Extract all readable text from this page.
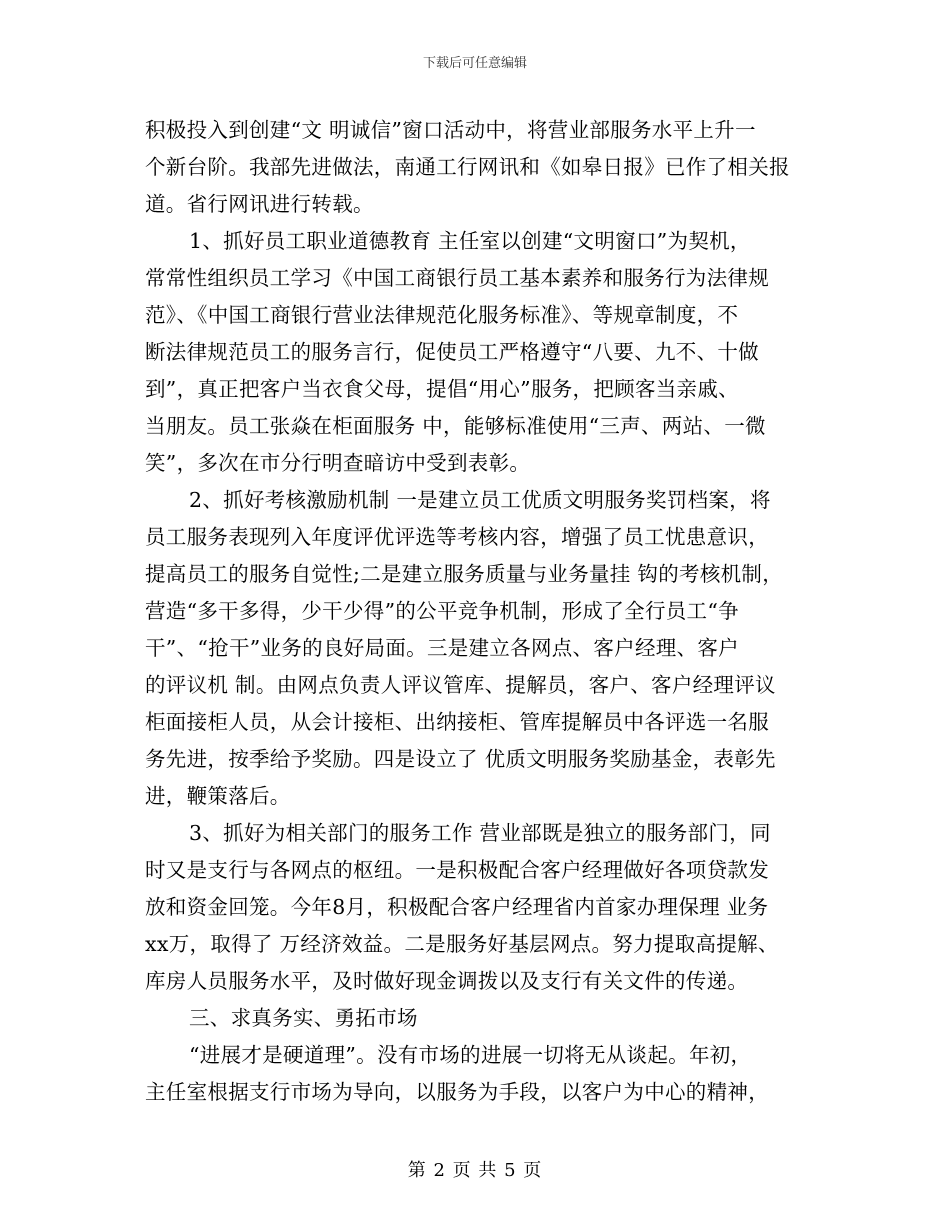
下载后可任意编辑
积极投入到创建“文 明诚信”窗口活动中，将营业部服务水平上升一
个新台阶。我部先进做法，南通工行网讯和《如皋日报》已作了相关报
道。省行网讯进行转载。
1、抓好员工职业道德教育 主任室以创建“文明窗口”为契机，
常常性组织员工学习《中国工商银行员工基本素养和服务行为法律规
范》、《中国工商银行营业法律规范化服务标准》、等规章制度，不
断法律规范员工的服务言行，促使员工严格遵守“八要、九不、十做
到”，真正把客户当衣食父母，提倡“用心”服务，把顾客当亲戚、
当朋友。员工张焱在柜面服务 中，能够标准使用“三声、两站、一微
笑”，多次在市分行明查暗访中受到表彰。
2、抓好考核激励机制 一是建立员工优质文明服务奖罚档案，将
员工服务表现列入年度评优评选等考核内容，增强了员工忧患意识，
提高员工的服务自觉性;二是建立服务质量与业务量挂 钩的考核机制，
营造“多干多得，少干少得”的公平竞争机制，形成了全行员工“争
干”、“抢干”业务的良好局面。三是建立各网点、客户经理、客户
的评议机 制。由网点负责人评议管库、提解员，客户、客户经理评议
柜面接柜人员，从会计接柜、出纳接柜、管库提解员中各评选一名服
务先进，按季给予奖励。四是设立了 优质文明服务奖励基金，表彰先
进，鞭策落后。
3、抓好为相关部门的服务工作 营业部既是独立的服务部门，同
时又是支行与各网点的枢纽。一是积极配合客户经理做好各项贷款发
放和资金回笼。今年8月，积极配合客户经理省内首家办理保理 业务
xx万，取得了 万经济效益。二是服务好基层网点。努力提取高提解、
库房人员服务水平，及时做好现金调拨以及支行有关文件的传递。
三、求真务实、勇拓市场
“进展才是硬道理”。没有市场的进展一切将无从谈起。年初，
主任室根据支行市场为导向，以服务为手段，以客户为中心的精神，
第 2 页 共 5 页
